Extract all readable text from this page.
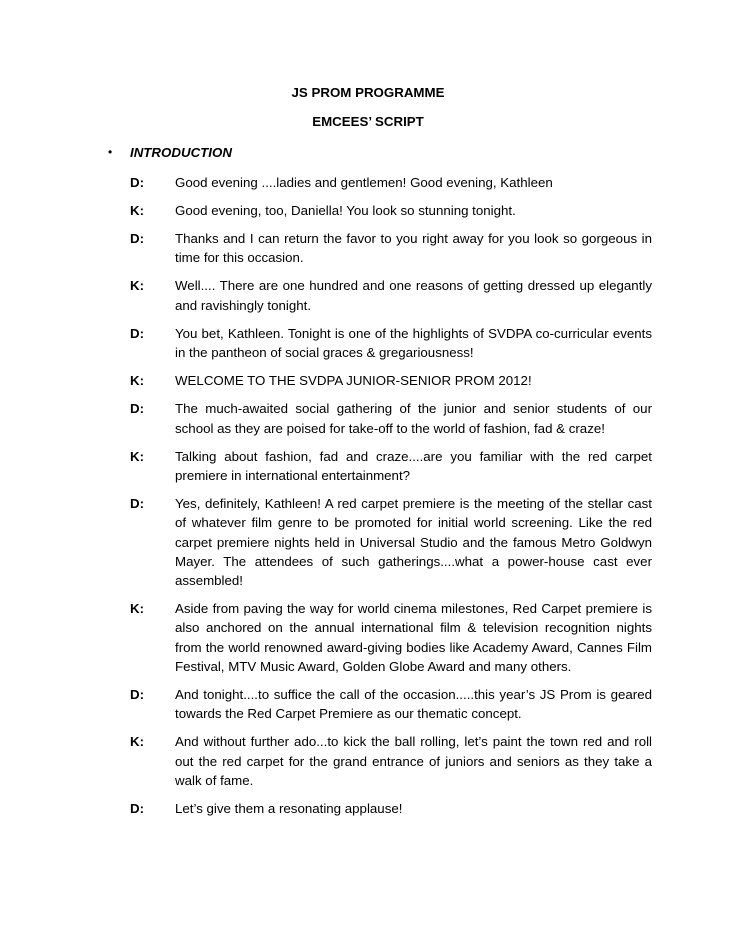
JS PROM PROGRAMME
EMCEES’ SCRIPT
•	INTRODUCTION
D:	Good evening ....ladies and gentlemen! Good evening, Kathleen
K:	Good evening, too, Daniella! You look so stunning tonight.
D:	Thanks and I can return the favor to you right away for you look so gorgeous in time for this occasion.
K:	Well.... There are one hundred and one reasons of getting dressed up elegantly and ravishingly tonight.
D:	You bet, Kathleen. Tonight is one of the highlights of SVDPA co-curricular events in the pantheon of social graces & gregariousness!
K:	WELCOME TO THE SVDPA JUNIOR-SENIOR PROM 2012!
D:	The much-awaited social gathering of the junior and senior students of our school as they are poised for take-off to the world of fashion, fad & craze!
K:	Talking about fashion, fad and craze....are you familiar with the red carpet premiere in international entertainment?
D:	Yes, definitely, Kathleen! A red carpet premiere is the meeting of the stellar cast of whatever film genre to be promoted for initial world screening. Like the red carpet premiere nights held in Universal Studio and the famous Metro Goldwyn Mayer. The attendees of such gatherings....what a power-house cast ever assembled!
K:	Aside from paving the way for world cinema milestones, Red Carpet premiere is also anchored on the annual international film & television recognition nights from the world renowned award-giving bodies like Academy Award, Cannes Film Festival, MTV Music Award, Golden Globe Award and many others.
D:	And tonight....to suffice the call of the occasion.....this year’s JS Prom is geared towards the Red Carpet Premiere as our thematic concept.
K:	And without further ado...to kick the ball rolling, let’s paint the town red and roll out the red carpet for the grand entrance of juniors and seniors as they take a walk of fame.
D:	Let’s give them a resonating applause!
